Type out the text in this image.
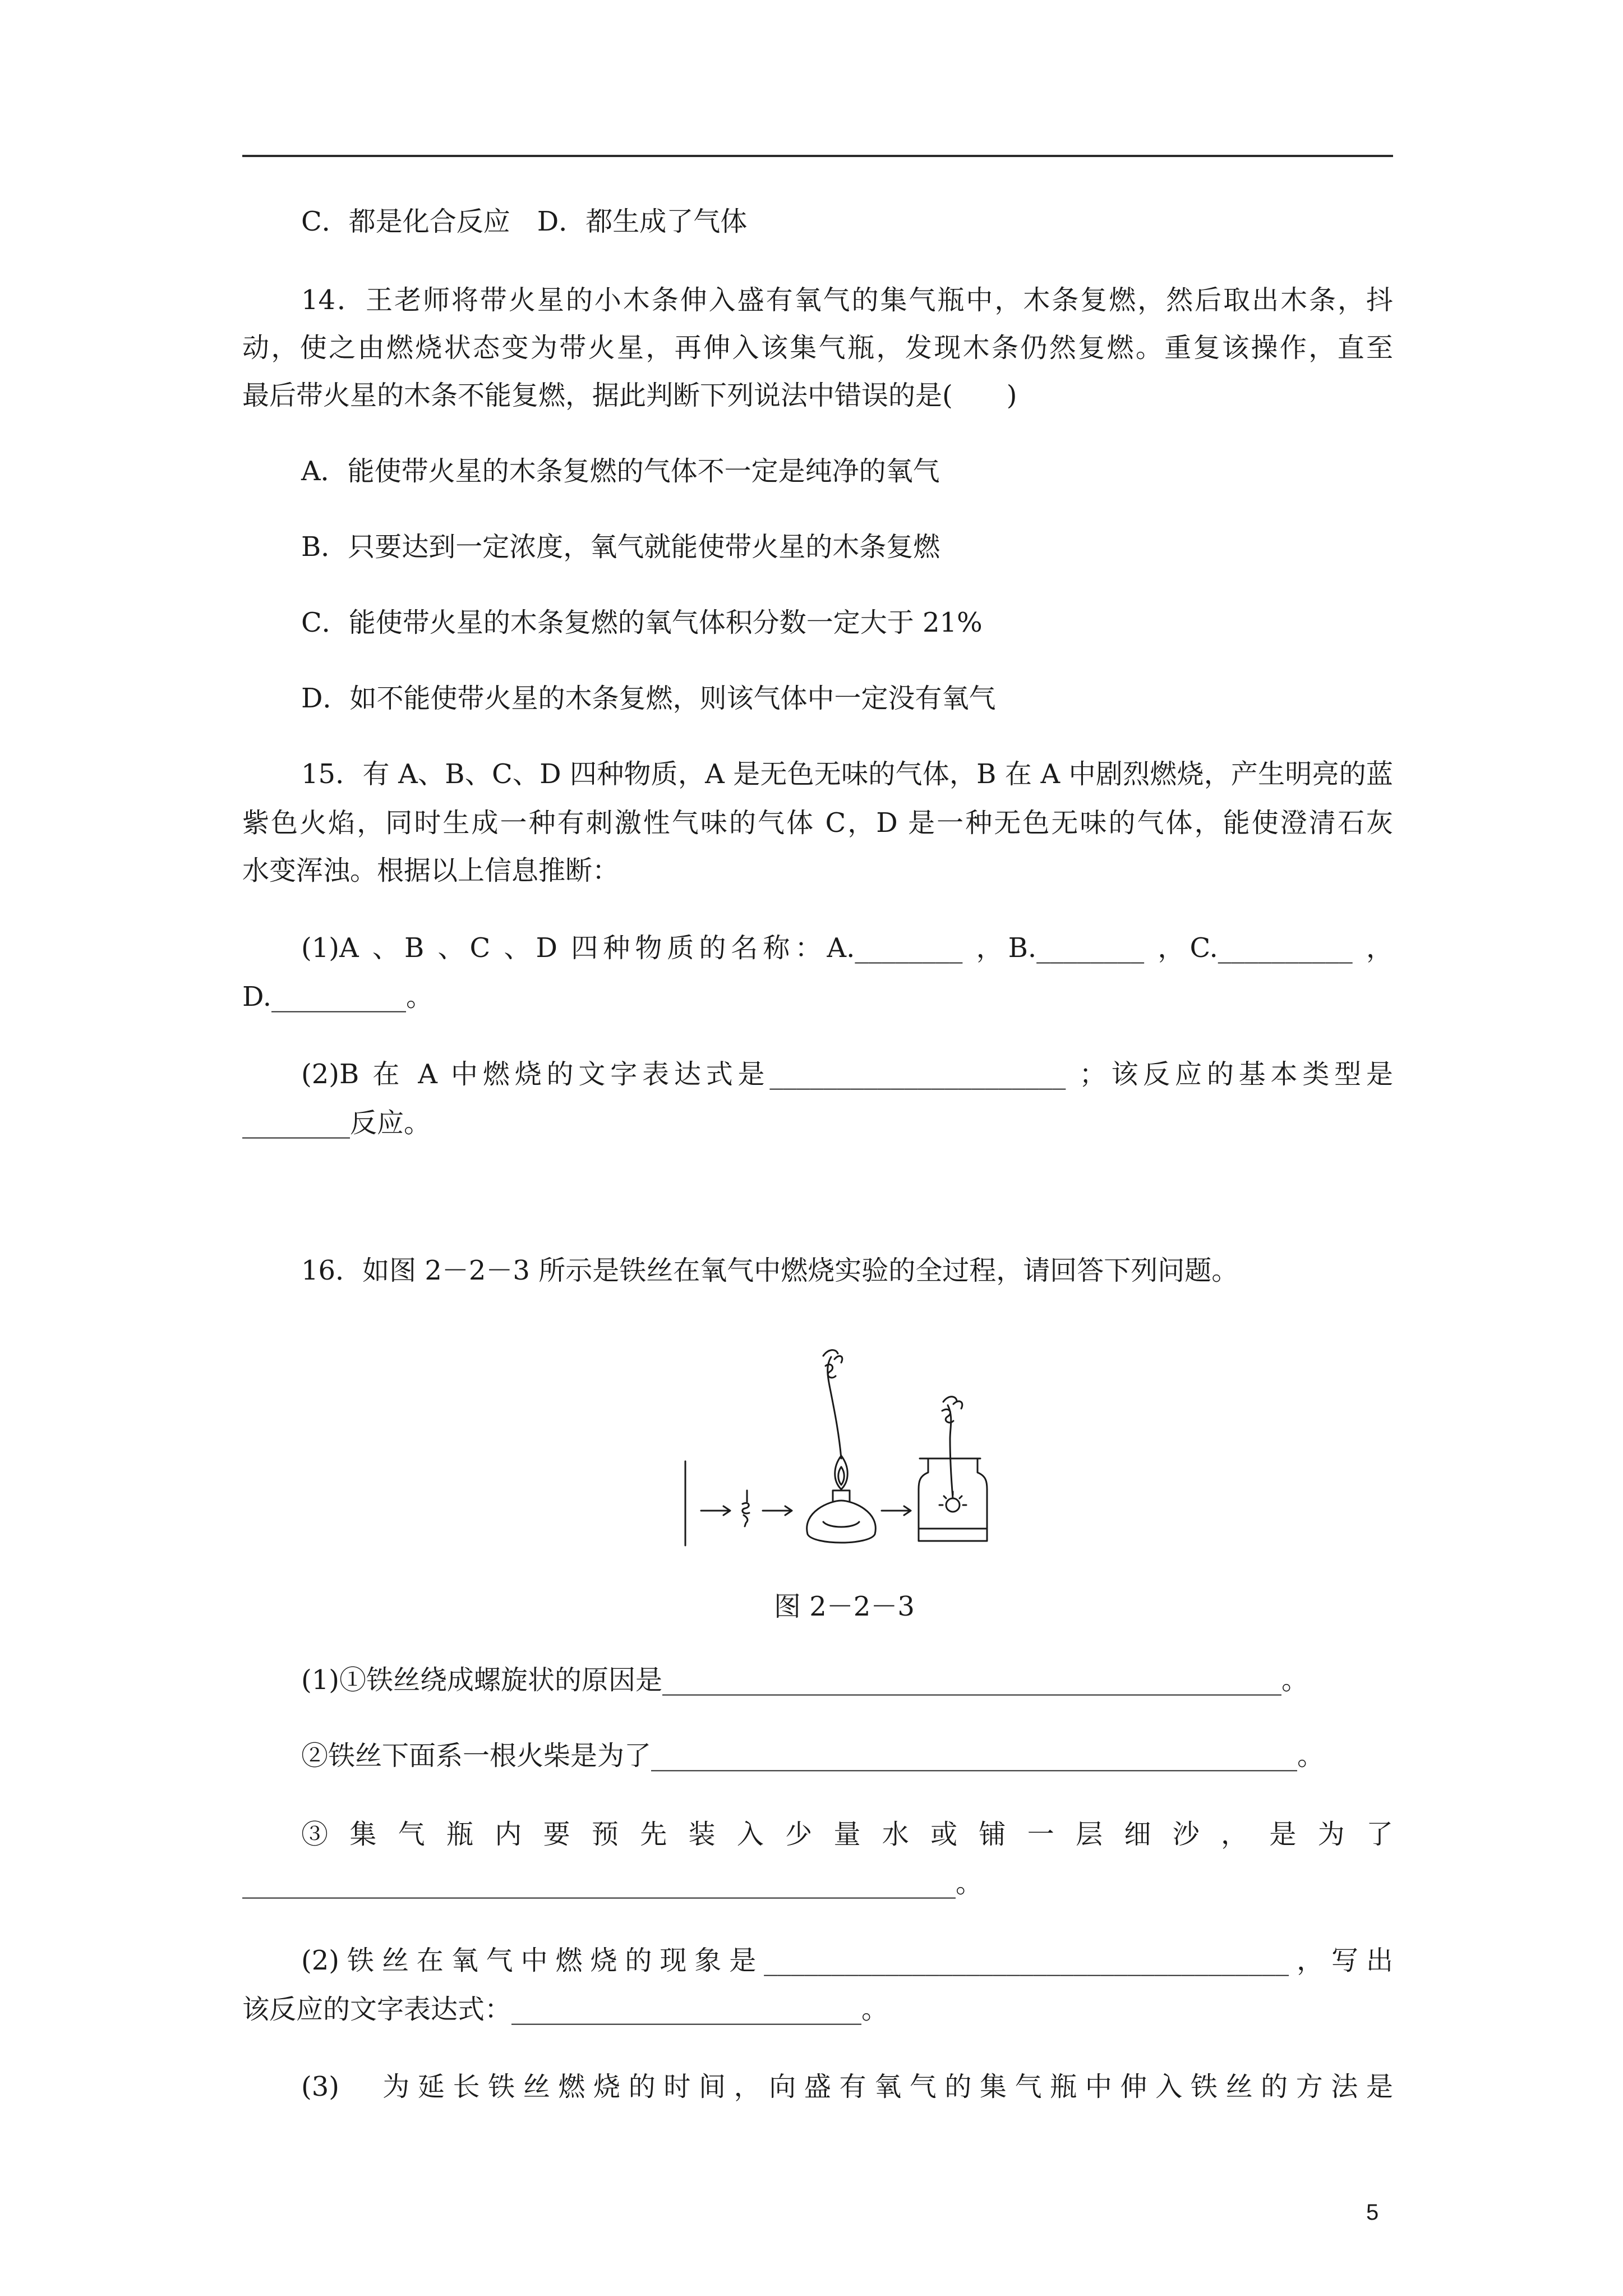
C．都是化合反应　D．都生成了气体
14．王老师将带火星的小木条伸入盛有氧气的集气瓶中，木条复燃，然后取出木条，抖
动，使之由燃烧状态变为带火星，再伸入该集气瓶，发现木条仍然复燃。重复该操作，直至
最后带火星的木条不能复燃，据此判断下列说法中错误的是(　　)
A．能使带火星的木条复燃的气体不一定是纯净的氧气
B．只要达到一定浓度，氧气就能使带火星的木条复燃
C．能使带火星的木条复燃的氧气体积分数一定大于 21%
D．如不能使带火星的木条复燃，则该气体中一定没有氧气
15．有 A、B、C、D 四种物质，A 是无色无味的气体，B 在 A 中剧烈燃烧，产生明亮的蓝
紫色火焰，同时生成一种有刺激性气味的气体 C，D 是一种无色无味的气体，能使澄清石灰
水变浑浊。根据以上信息推断：
(1)A 、B 、C 、D 四种物质的名称：A.________ ，B.________ ，C.__________ ，
D.__________。
(2)B 在 A 中燃烧的文字表达式是______________________ ；该反应的基本类型是
________反应。
16．如图 2－2－3 所示是铁丝在氧气中燃烧实验的全过程，请回答下列问题。
图 2－2－3
(1)①铁丝绕成螺旋状的原因是______________________________________________。
②铁丝下面系一根火柴是为了________________________________________________。
③ 集 气 瓶 内 要 预 先 装 入 少 量 水 或 铺 一 层 细 沙 ， 是 为 了
_____________________________________________________。
(2)铁丝在氧气中燃烧的现象是_______________________________________，写出
该反应的文字表达式：__________________________。
(3)　为延长铁丝燃烧的时间，向盛有氧气的集气瓶中伸入铁丝的方法是
5
